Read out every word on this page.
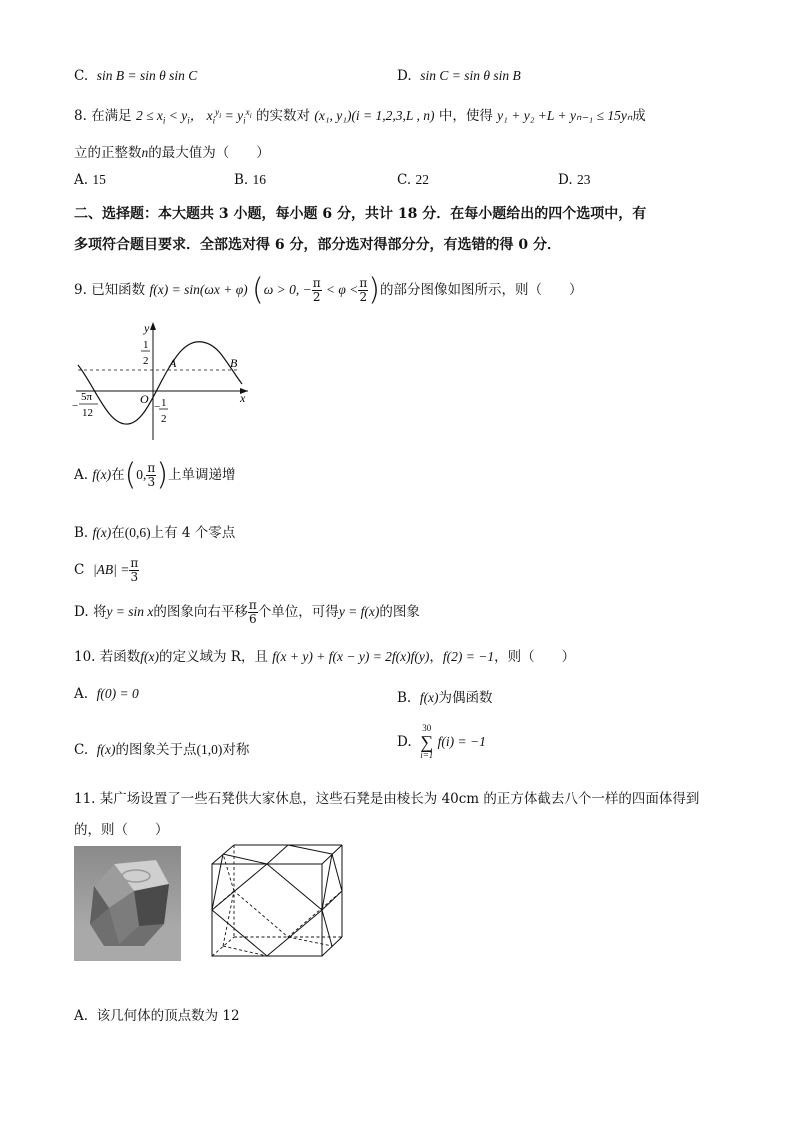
C. sin B = sin θ sin C	D. sin C = sin θ sin B
8. 在满足 $2 \le x_i < y_i$， $x_i^{y_i} = y_i^{x_i}$ 的实数对 (x₁, y₁)(i = 1,2,3,L , n) 中，使得 y₁ + y₂ +L + yₙ₋₁ ≤ 15yₙ成
立的正整数n的最大值为（　　）
A. 15	B. 16	C. 22	D. 23
二、选择题：本大题共 3 小题，每小题 6 分，共计 18 分．在每小题给出的四个选项中，有
多项符合题目要求．全部选对得 6 分，部分选对得部分分，有选错的得 0 分．
9. 已知函数 f(x) = sin(ωx + φ) (ω > 0, − $\frac{\pi}{2} < \varphi < \frac{\pi}{2}$ )的部分图像如图所示，则（　　）
y
x
O
1
2 A	B
− 1
2
−
5π
12
A. f(x)在(0, $\frac{\pi}{3}$ )上单调递增
B. f(x)在(0,6)上有 4 个零点
C $|AB| = \frac{\pi}{3}$
D. 将y = sin x的图象向右平移 $\frac{\pi}{6}$ 个单位，可得y = f(x)的图象
10. 若函数f(x)的定义域为 R，且 f(x + y) + f(x − y) = 2f(x)f(y)，f(2) = −1，则（　　）
A. f(0) = 0	B. f(x)为偶函数
C. f(x)的图象关于点(1,0)对称	D.
30
∑
i=1
f(i) = −1
11. 某广场设置了一些石凳供大家休息，这些石凳是由棱长为 40cm 的正方体截去八个一样的四面体得到
的，则（　　）
A. 该几何体的顶点数为 12
